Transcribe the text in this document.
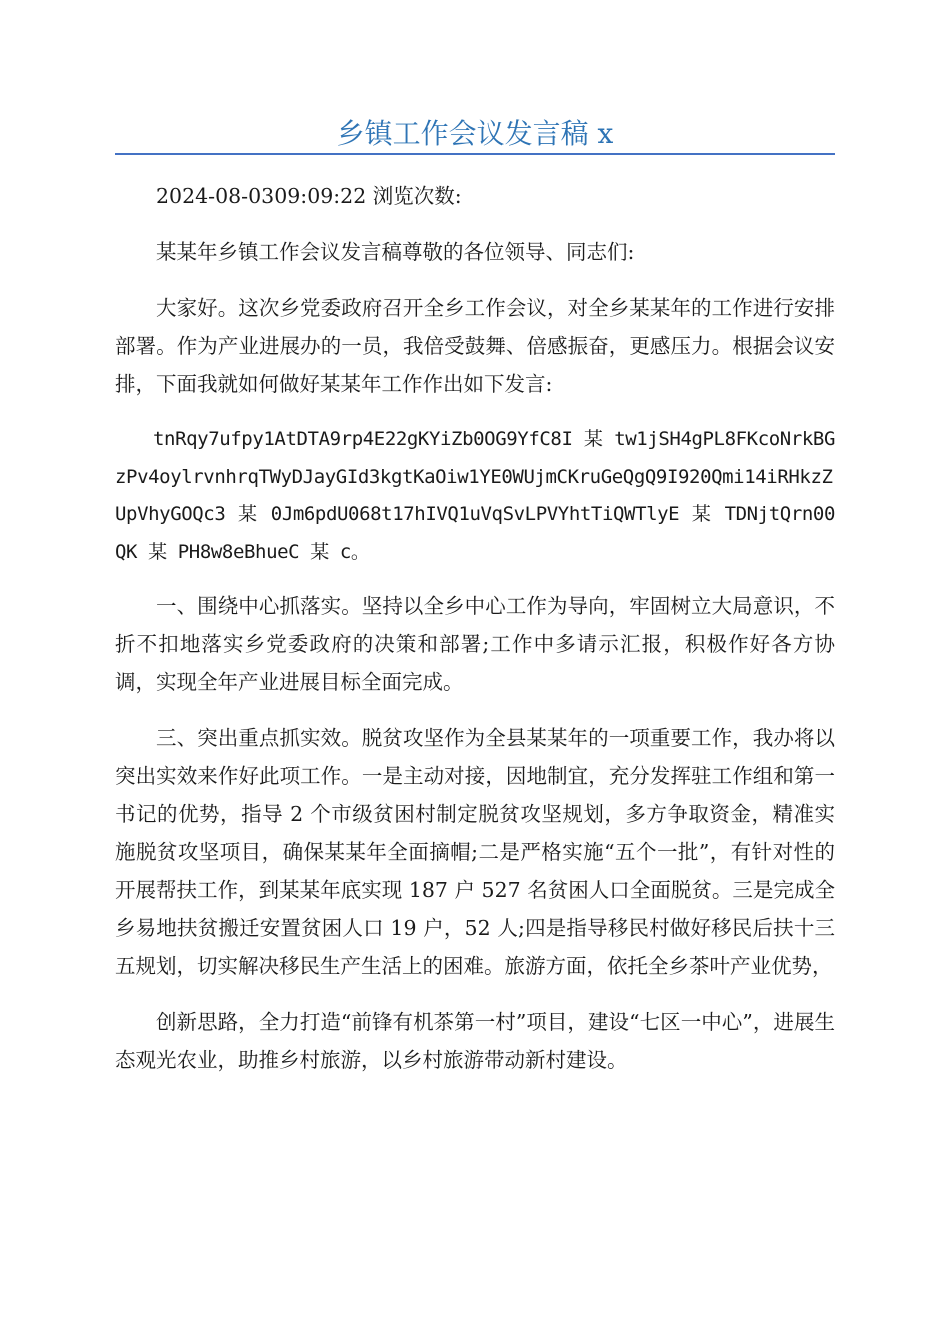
乡镇工作会议发言稿 x

2024-08-0309:09:22 浏览次数:

某某年乡镇工作会议发言稿尊敬的各位领导、同志们:

大家好。这次乡党委政府召开全乡工作会议，对全乡某某年的工作进行安排部署。作为产业进展办的一员，我倍受鼓舞、倍感振奋，更感压力。根据会议安排，下面我就如何做好某某年工作作出如下发言:

tnRqy7ufpy1AtDTA9rp4E22gKYiZb0OG9YfC8I 某 tw1jSH4gPL8FKcoNrkBGzPv4oylrvnhrqTWyDJayGId3kgtKaOiw1YE0WUjmCKruGeQgQ9I920Qmi14iRHkzZUpVhyGOQc3 某 0Jm6pdU068t17hIVQ1uVqSvLPVYhtTiQWTlyE 某 TDNjtQrn00QK 某 PH8w8eBhueC 某 c。

一、围绕中心抓落实。坚持以全乡中心工作为导向，牢固树立大局意识，不折不扣地落实乡党委政府的决策和部署;工作中多请示汇报，积极作好各方协调，实现全年产业进展目标全面完成。

三、突出重点抓实效。脱贫攻坚作为全县某某年的一项重要工作，我办将以突出实效来作好此项工作。一是主动对接，因地制宜，充分发挥驻工作组和第一书记的优势，指导 2 个市级贫困村制定脱贫攻坚规划，多方争取资金，精准实施脱贫攻坚项目，确保某某年全面摘帽;二是严格实施“五个一批”，有针对性的开展帮扶工作，到某某年底实现 187 户 527 名贫困人口全面脱贫。三是完成全乡易地扶贫搬迁安置贫困人口 19 户，52 人;四是指导移民村做好移民后扶十三五规划，切实解决移民生产生活上的困难。旅游方面，依托全乡茶叶产业优势，

创新思路，全力打造“前锋有机茶第一村”项目，建设“七区一中心”，进展生态观光农业，助推乡村旅游，以乡村旅游带动新村建设。
